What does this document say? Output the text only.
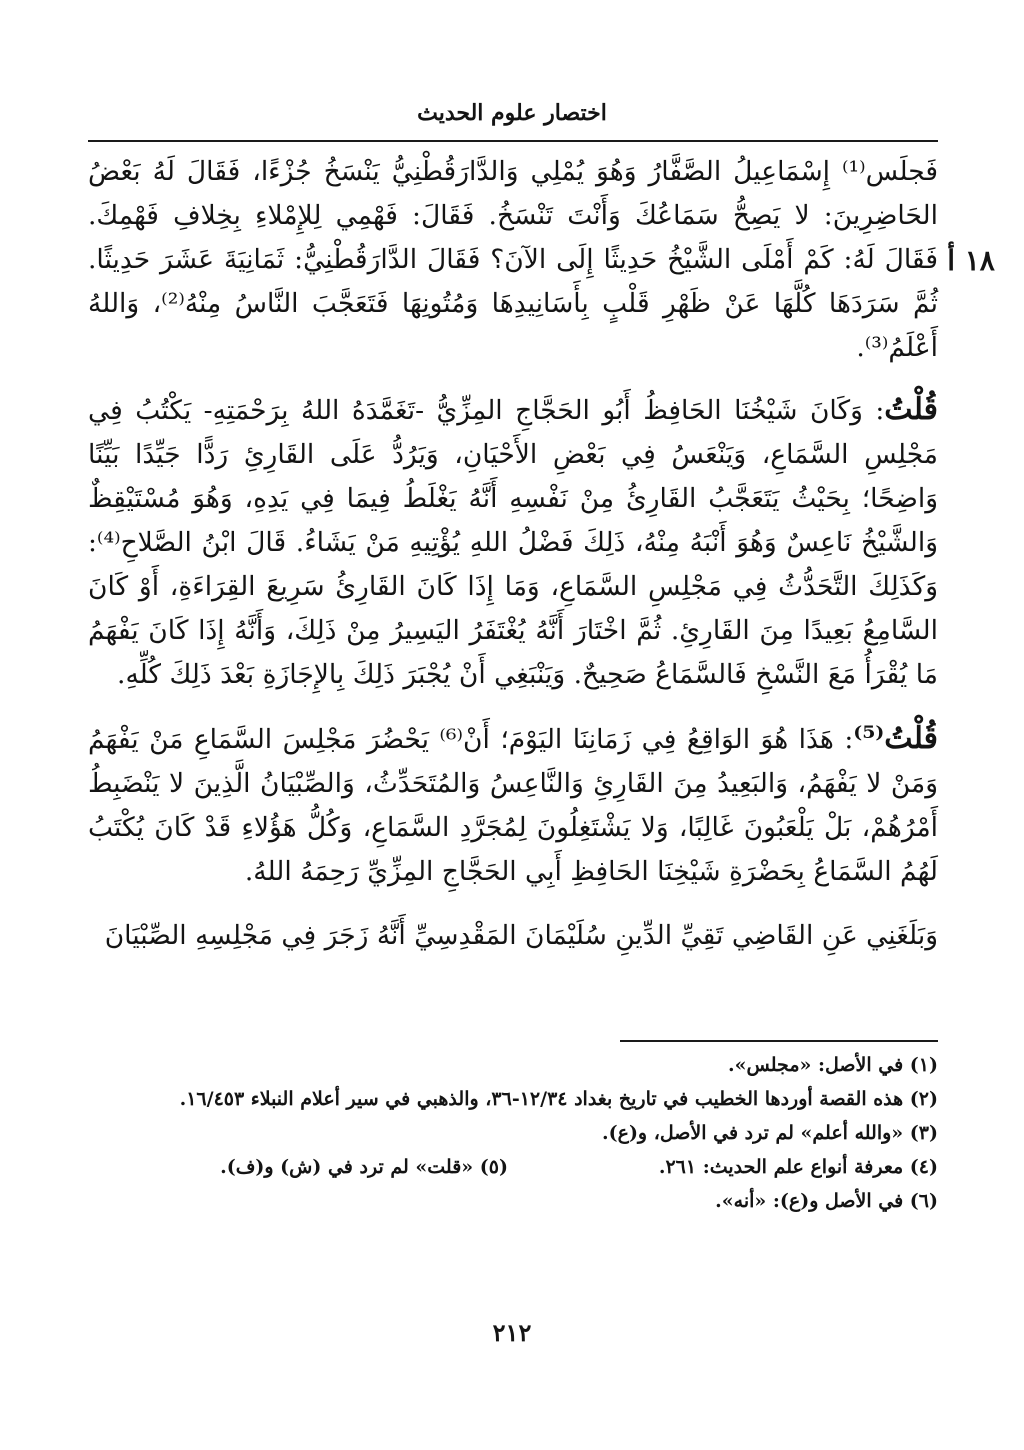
اختصار علوم الحديث
١٨ أ

فَجلَس⁽¹⁾ إِسْمَاعِيلُ الصَّفَّارُ وَهُوَ يُمْلِي وَالدَّارَقُطْنِيُّ يَنْسَخُ جُزْءًا، فَقَالَ لَهُ بَعْضُ الحَاضِرِينَ: لا يَصِحُّ سَمَاعُكَ وَأَنْتَ تَنْسَخُ. فَقَالَ: فَهْمِي لِلإِمْلاءِ بِخِلافِ فَهْمِكَ. فَقَالَ لَهُ: كَمْ أَمْلَى الشَّيْخُ حَدِيثًا إِلَى الآنَ؟ فَقَالَ الدَّارَقُطْنِيُّ: ثَمَانِيَةَ عَشَرَ حَدِيثًا. ثُمَّ سَرَدَهَا كُلَّهَا عَنْ ظَهْرِ قَلْبٍ بِأَسَانِيدِهَا وَمُتُونِهَا فَتَعَجَّبَ النَّاسُ مِنْهُ⁽²⁾، وَاللهُ أَعْلَمُ⁽³⁾.

قُلْتُ: وَكَانَ شَيْخُنَا الحَافِظُ أَبُو الحَجَّاجِ المِزِّيُّ -تَغَمَّدَهُ اللهُ بِرَحْمَتِهِ- يَكْتُبُ فِي مَجْلِسِ السَّمَاعِ، وَيَنْعَسُ فِي بَعْضِ الأَحْيَانِ، وَيَرُدُّ عَلَى القَارِئِ رَدًّا جَيِّدًا بَيِّنًا وَاضِحًا؛ بِحَيْثُ يَتَعَجَّبُ القَارِئُ مِنْ نَفْسِهِ أَنَّهُ يَغْلَطُ فِيمَا فِي يَدِهِ، وَهُوَ مُسْتَيْقِظٌ وَالشَّيْخُ نَاعِسٌ وَهُوَ أَنْبَهُ مِنْهُ، ذَلِكَ فَضْلُ اللهِ يُؤْتِيهِ مَنْ يَشَاءُ. قَالَ ابْنُ الصَّلاحِ⁽⁴⁾: وَكَذَلِكَ التَّحَدُّثُ فِي مَجْلِسِ السَّمَاعِ، وَمَا إِذَا كَانَ القَارِئُ سَرِيعَ القِرَاءَةِ، أَوْ كَانَ السَّامِعُ بَعِيدًا مِنَ القَارِئِ. ثُمَّ اخْتَارَ أَنَّهُ يُغْتَفَرُ اليَسِيرُ مِنْ ذَلِكَ، وَأَنَّهُ إِذَا كَانَ يَفْهَمُ مَا يُقْرَأُ مَعَ النَّسْخِ فَالسَّمَاعُ صَحِيحٌ. وَيَنْبَغِي أَنْ يُجْبَرَ ذَلِكَ بِالإِجَازَةِ بَعْدَ ذَلِكَ كُلِّهِ.

قُلْتُ⁽⁵⁾: هَذَا هُوَ الوَاقِعُ فِي زَمَانِنَا اليَوْمَ؛ أَنْ⁽⁶⁾ يَحْضُرَ مَجْلِسَ السَّمَاعِ مَنْ يَفْهَمُ وَمَنْ لا يَفْهَمُ، وَالبَعِيدُ مِنَ القَارِئِ وَالنَّاعِسُ وَالمُتَحَدِّثُ، وَالصِّبْيَانُ الَّذِينَ لا يَنْضَبِطُ أَمْرُهُمْ، بَلْ يَلْعَبُونَ غَالِبًا، وَلا يَشْتَغِلُونَ لِمُجَرَّدِ السَّمَاعِ، وَكُلُّ هَؤُلاءِ قَدْ كَانَ يُكْتَبُ لَهُمُ السَّمَاعُ بِحَضْرَةِ شَيْخِنَا الحَافِظِ أَبِي الحَجَّاجِ المِزِّيِّ رَحِمَهُ اللهُ.

وَبَلَغَنِي عَنِ القَاضِي تَقِيِّ الدِّينِ سُلَيْمَانَ المَقْدِسِيِّ أَنَّهُ زَجَرَ فِي مَجْلِسِهِ الصِّبْيَانَ

(١) في الأصل: «مجلس».

(٢) هذه القصة أوردها الخطيب في تاريخ بغداد ١٢/٣٤-٣٦، والذهبي في سير أعلام النبلاء ١٦/٤٥٣.

(٣) «والله أعلم» لم ترد في الأصل، و(ع).

(٤) معرفة أنواع علم الحديث: ٢٦١.

(٥) «قلت» لم ترد في (ش) و(ف).

(٦) في الأصل و(ع): «أنه».

٢١٢
